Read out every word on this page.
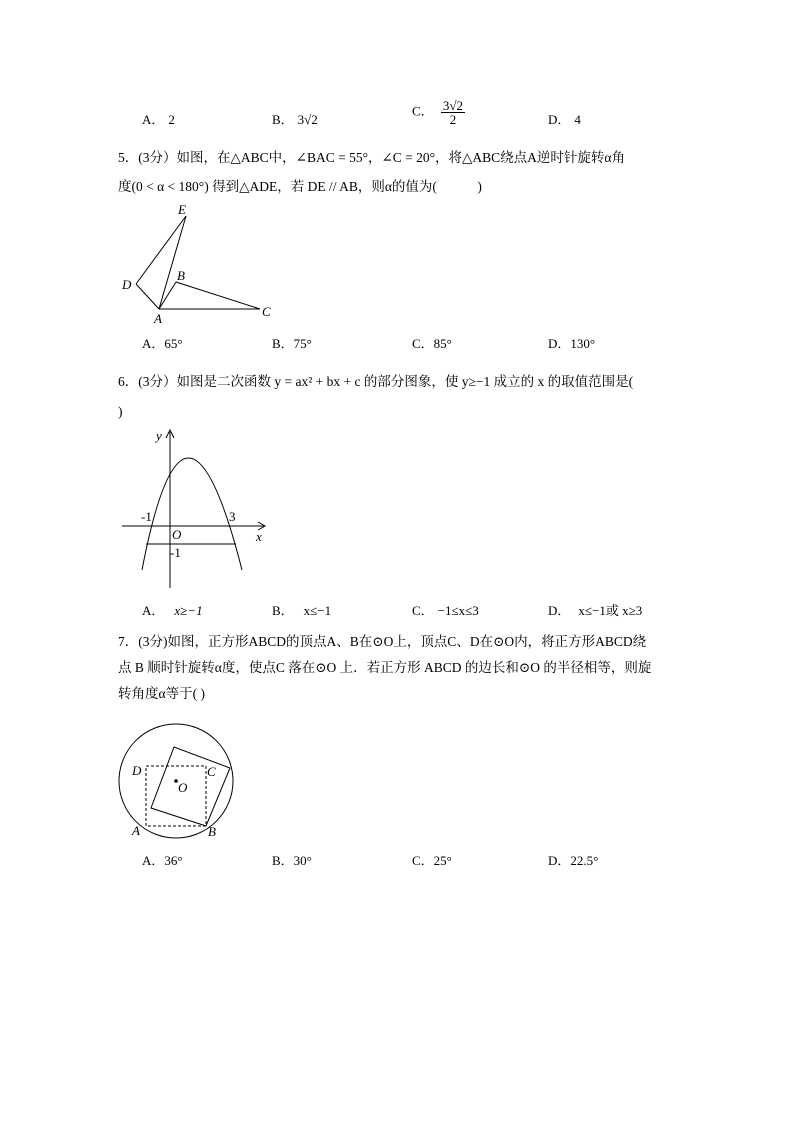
A． 2	B． 3√2
C． $\frac{3√2}{2}$	D． 4
5．(3分）如图，在△ABC中，∠BAC = 55°，∠C = 20°，将△ABC绕点A逆时针旋转α角
度(0 < α < 180°) 得到△ADE，若 DE // AB，则α的值为(　　　)
E
D
B
A	C
A．65°	B．75°	C．85°	D．130°
6．(3分）如图是二次函数 y = ax² + bx + c 的部分图象，使 y≥−1 成立的 x 的取值范围是(
)
y
x
O
-1	3
-1
A． x≥−1	B． x≤−1	C． −1≤x≤3	D． x≤−1或 x≥3
7．(3分)如图，正方形ABCD的顶点A、B在⊙O上，顶点C、D在⊙O内，将正方形ABCD绕
点 B 顺时针旋转α度，使点C 落在⊙O 上．若正方形 ABCD 的边长和⊙O 的半径相等，则旋
转角度α等于( )
D	C
O
A	B
A．36°	B．30°	C．25°	D．22.5°
